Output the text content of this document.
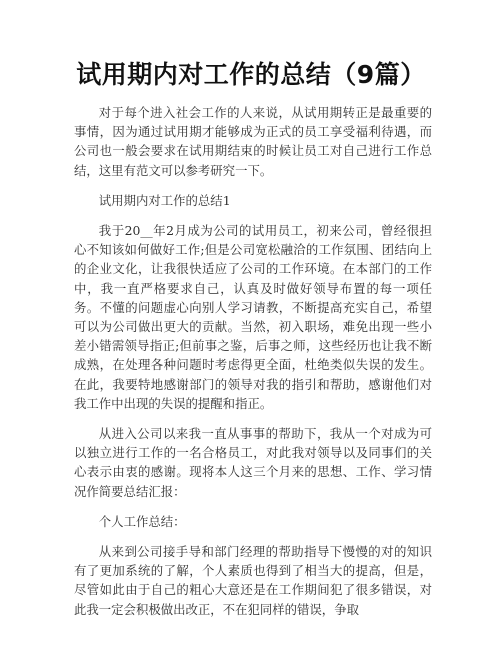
试用期内对工作的总结（9篇）

对于每个进入社会工作的人来说，从试用期转正是最重要的事情，因为通过试用期才能够成为正式的员工享受福利待遇，而公司也一般会要求在试用期结束的时候让员工对自己进行工作总结，这里有范文可以参考研究一下。

试用期内对工作的总结1

我于20__年2月成为公司的试用员工，初来公司，曾经很担心不知该如何做好工作;但是公司宽松融洽的工作氛围、团结向上的企业文化，让我很快适应了公司的工作环境。在本部门的工作中，我一直严格要求自己，认真及时做好领导布置的每一项任务。不懂的问题虚心向别人学习请教，不断提高充实自己，希望可以为公司做出更大的贡献。当然，初入职场，难免出现一些小差小错需领导指正;但前事之鉴，后事之师，这些经历也让我不断成熟，在处理各种问题时考虑得更全面，杜绝类似失误的发生。在此，我要特地感谢部门的领导对我的指引和帮助，感谢他们对我工作中出现的失误的提醒和指正。

从进入公司以来我一直从事事的帮助下，我从一个对成为可以独立进行工作的一名合格员工，对此我对领导以及同事们的关心表示由衷的感谢。现将本人这三个月来的思想、工作、学习情况作简要总结汇报：

个人工作总结：

从来到公司接手导和部门经理的帮助指导下慢慢的对的知识有了更加系统的了解，个人素质也得到了相当大的提高，但是，尽管如此由于自己的粗心大意还是在工作期间犯了很多错误，对此我一定会积极做出改正，不在犯同样的错误，争取
